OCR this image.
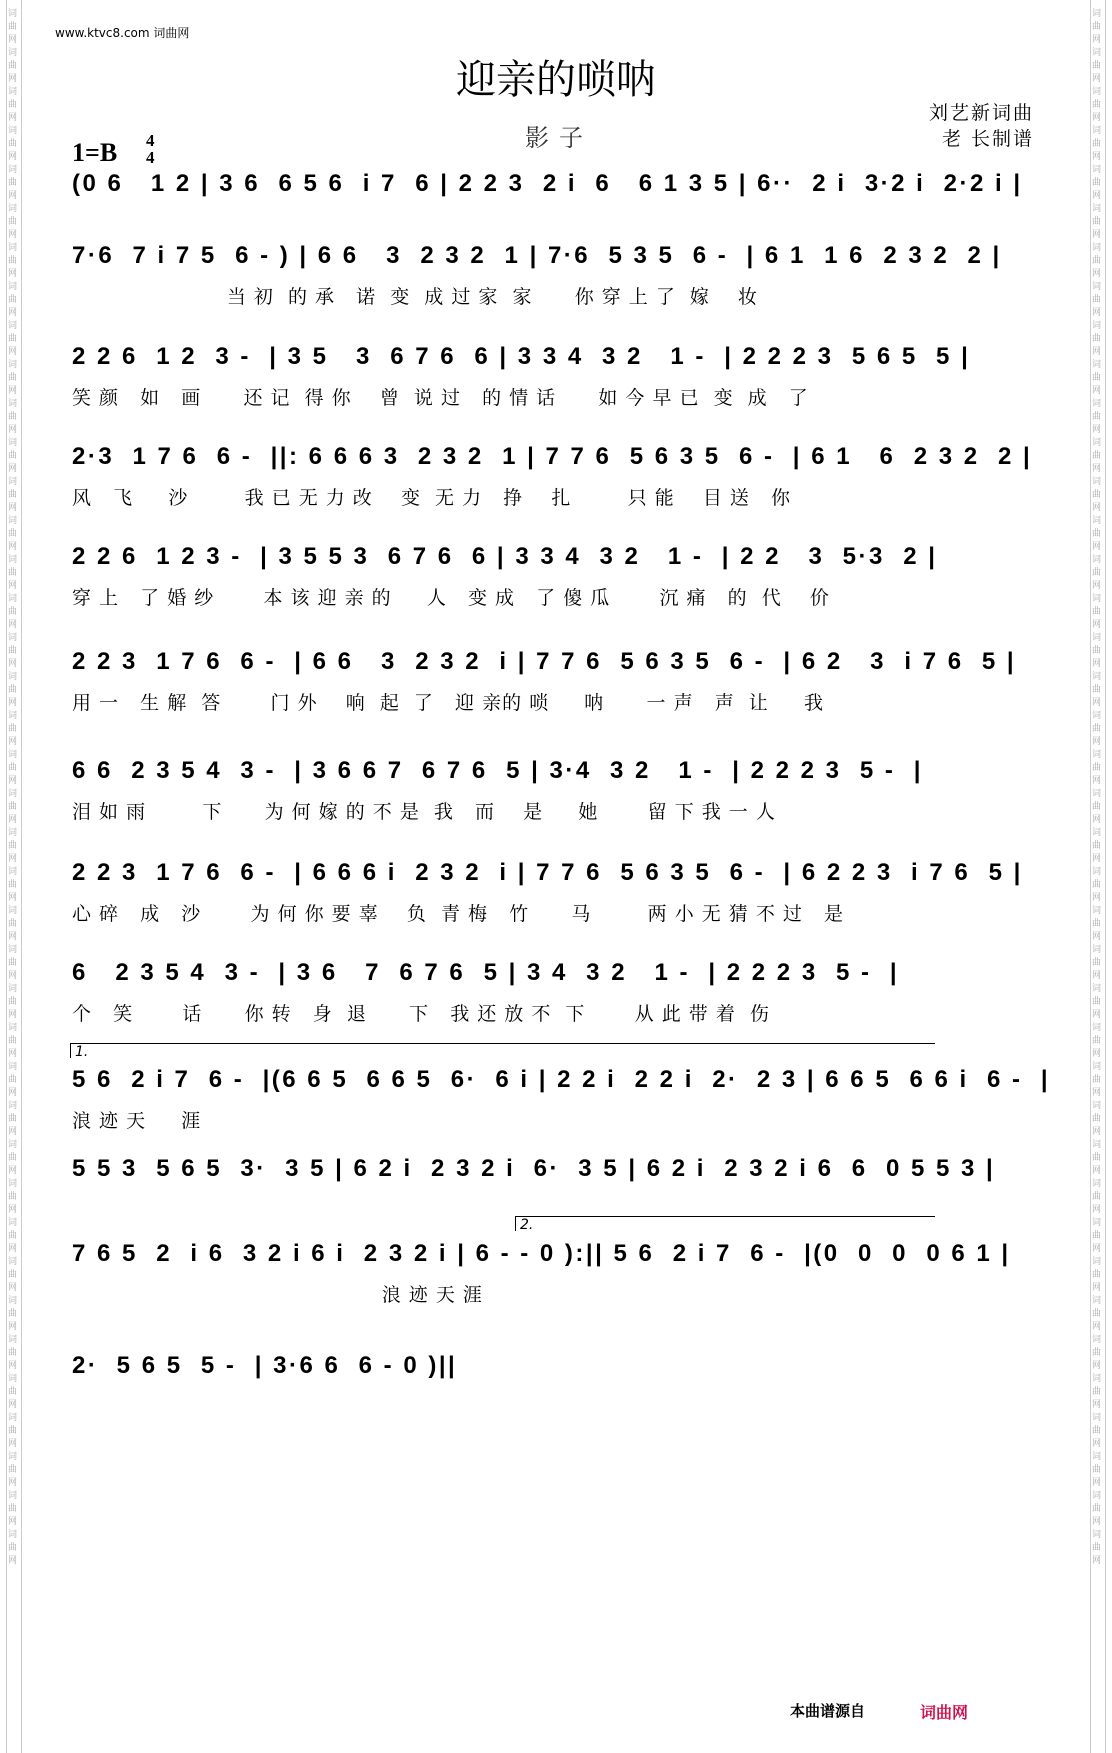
词曲网词曲网词曲网词曲网词曲网词曲网词曲网词曲网词曲网词曲网词曲网词曲网词曲网词曲网词曲网词曲网词曲网词曲网词曲网词曲网词曲网词曲网词曲网词曲网词曲网词曲网词曲网词曲网词曲网词曲网词曲网词曲网词曲网词曲网词曲网词曲网词曲网词曲网词曲网词曲网
词曲网词曲网词曲网词曲网词曲网词曲网词曲网词曲网词曲网词曲网词曲网词曲网词曲网词曲网词曲网词曲网词曲网词曲网词曲网词曲网词曲网词曲网词曲网词曲网词曲网词曲网词曲网词曲网词曲网词曲网词曲网词曲网词曲网词曲网词曲网词曲网词曲网词曲网词曲网词曲网
www.ktvc8.com 词曲网
迎亲的唢呐
影子
刘艺新词曲
老 长制谱
1=B 4
4
(0 6   1 2 | 3 6  6 5 6  i 7  6 | 2 2 3  2 i  6   6 1 3 5 | 6··  2 i  3·2 i  2·2 i |
7·6  7 i 7 5  6 - ) | 6 6   3  2 3 2  1 | 7·6  5 3 5  6 -  | 6 1  1 6  2 3 2  2 |
当 初  的 承   诺  变  成 过 家  家      你 穿 上 了  嫁    妆
2 2 6  1 2  3 -  | 3 5   3  6 7 6  6 | 3 3 4  3 2   1 -  | 2 2 2 3  5 6 5  5 |
笑 颜   如   画      还 记  得 你    曾  说 过   的 情 话      如 今 早 已  变  成   了
2·3  1 7 6  6 -  ||: 6 6 6 3  2 3 2  1 | 7 7 6  5 6 3 5  6 -  | 6 1   6  2 3 2  2 |
风   飞     沙        我 已 无 力 改    变  无 力   挣    扎        只 能    目 送   你
2 2 6  1 2 3 -  | 3 5 5 3  6 7 6  6 | 3 3 4  3 2   1 -  | 2 2   3  5·3  2 |
穿 上   了 婚 纱       本 该 迎 亲 的     人   变 成   了 傻 瓜       沉 痛   的  代    价
2 2 3  1 7 6  6 -  | 6 6   3  2 3 2  i | 7 7 6  5 6 3 5  6 -  | 6 2   3  i 7 6  5 |
用 一   生 解  答       门 外    响  起  了   迎 亲的 唢     呐      一 声   声  让     我
6 6  2 3 5 4  3 -  | 3 6 6 7  6 7 6  5 | 3·4  3 2   1 -  | 2 2 2 3  5 -  |
泪 如 雨        下      为 何 嫁 的 不 是  我   而    是     她       留 下 我 一 人
2 2 3  1 7 6  6 -  | 6 6 6 i  2 3 2  i | 7 7 6  5 6 3 5  6 -  | 6 2 2 3  i 7 6  5 |
心 碎   成   沙       为 何 你 要 辜    负  青 梅   竹      马        两 小 无 猜 不 过   是
6   2 3 5 4  3 -  | 3 6   7  6 7 6  5 | 3 4  3 2   1 -  | 2 2 2 3  5 -  |
个   笑       话      你 转   身  退      下   我 还 放 不  下       从 此 带 着  伤
5 6  2 i 7  6 -  |(6 6 5  6 6 5  6·  6 i | 2 2 i  2 2 i  2·  2 3 | 6 6 5  6 6 i  6 -  |
浪 迹 天     涯
5 5 3  5 6 5  3·  3 5 | 6 2 i  2 3 2 i  6·  3 5 | 6 2 i  2 3 2 i 6  6  0 5 5 3 |
7 6 5  2  i 6  3 2 i 6 i  2 3 2 i | 6 - - 0 ):|| 5 6  2 i 7  6 -  |(0  0  0  0 6 1 |
浪 迹 天 涯
2·  5 6 5  5 -  | 3·6 6  6 - 0 )||
1.
2.
本曲谱源自	词曲网
